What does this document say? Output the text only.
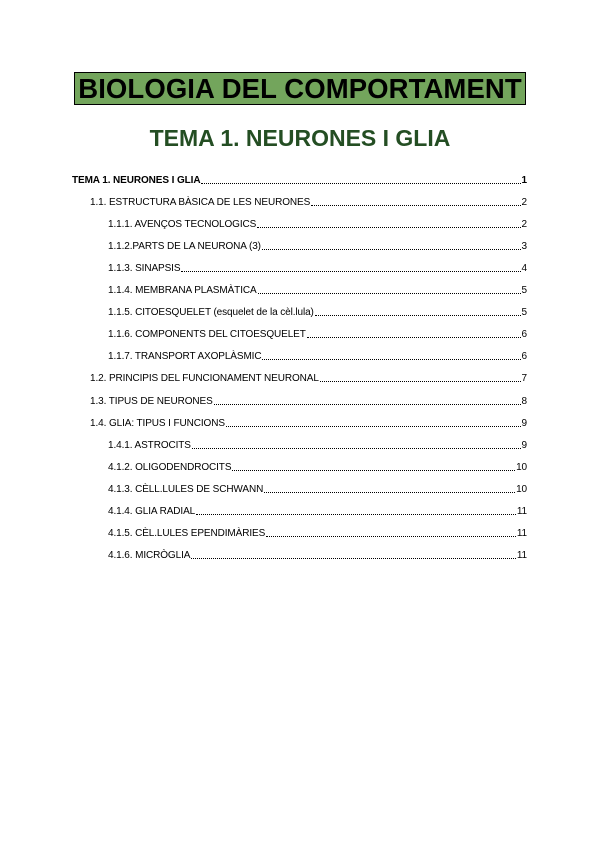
BIOLOGIA DEL COMPORTAMENT
TEMA 1. NEURONES I GLIA
TEMA 1. NEURONES I GLIA	1
1.1. ESTRUCTURA BÀSICA DE LES NEURONES	2
1.1.1. AVENÇOS TECNOLOGICS	2
1.1.2.PARTS DE LA NEURONA (3)	3
1.1.3. SINAPSIS	4
1.1.4. MEMBRANA PLASMÀTICA	5
1.1.5. CITOESQUELET (esquelet de la cèl.lula)	5
1.1.6. COMPONENTS DEL CITOESQUELET	6
1.1.7. TRANSPORT AXOPLÀSMIC	6
1.2. PRINCIPIS DEL FUNCIONAMENT NEURONAL	7
1.3. TIPUS DE NEURONES	8
1.4. GLIA: TIPUS I FUNCIONS	9
1.4.1. ASTROCITS	9
4.1.2. OLIGODENDROCITS	10
4.1.3. CÈLL.LULES DE SCHWANN	10
4.1.4. GLIA RADIAL	11
4.1.5. CÈL.LULES EPENDIMÀRIES	11
4.1.6. MICRÒGLIA	11
